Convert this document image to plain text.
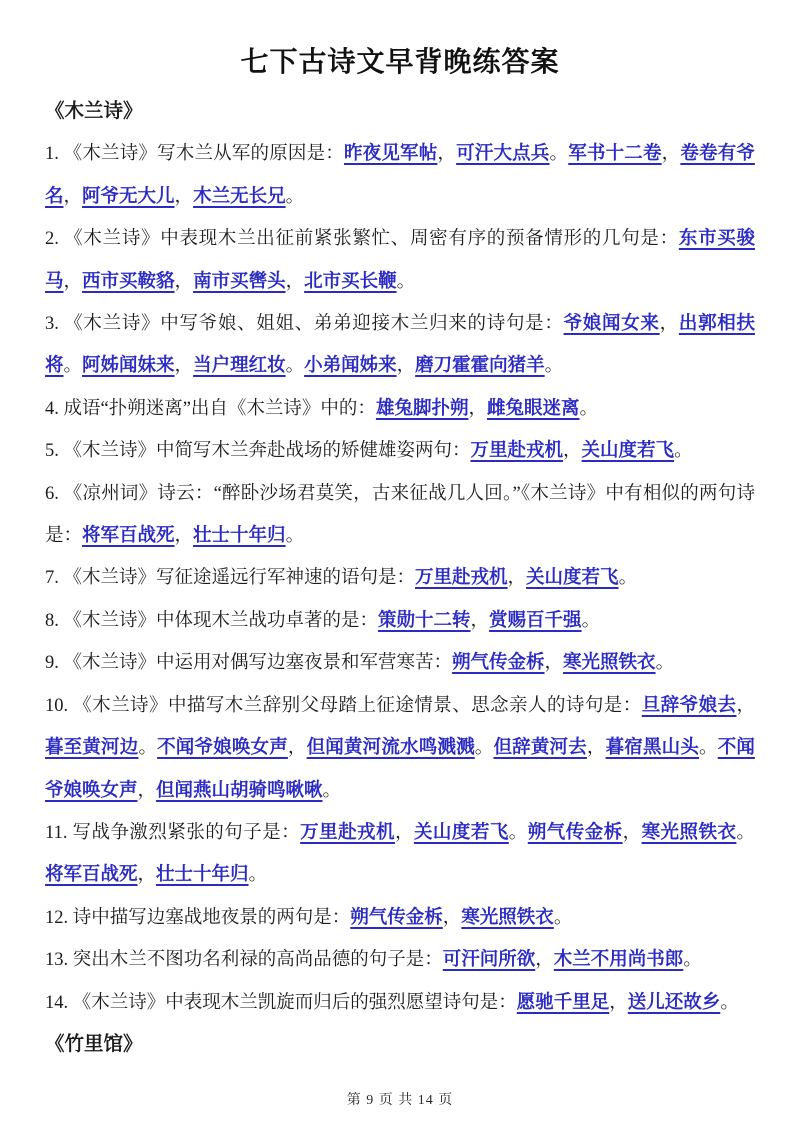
七下古诗文早背晚练答案

《木兰诗》

1. 《木兰诗》写木兰从军的原因是：昨夜见军帖，可汗大点兵。军书十二卷，卷卷有爷名，阿爷无大儿，木兰无长兄。

2. 《木兰诗》中表现木兰出征前紧张繁忙、周密有序的预备情形的几句是：东市买骏马，西市买鞍貉，南市买辔头，北市买长鞭。

3. 《木兰诗》中写爷娘、姐姐、弟弟迎接木兰归来的诗句是：爷娘闻女来，出郭相扶将。阿姊闻妹来，当户理红妆。小弟闻姊来，磨刀霍霍向猪羊。

4. 成语“扑朔迷离”出自《木兰诗》中的：雄兔脚扑朔，雌兔眼迷离。

5. 《木兰诗》中简写木兰奔赴战场的矫健雄姿两句：万里赴戎机，关山度若飞。

6. 《凉州词》诗云：“醉卧沙场君莫笑，古来征战几人回。”《木兰诗》中有相似的两句诗是：将军百战死，壮士十年归。

7. 《木兰诗》写征途遥远行军神速的语句是：万里赴戎机，关山度若飞。

8. 《木兰诗》中体现木兰战功卓著的是：策勋十二转，赏赐百千强。

9. 《木兰诗》中运用对偶写边塞夜景和军营寒苦：朔气传金柝，寒光照铁衣。

10. 《木兰诗》中描写木兰辞别父母踏上征途情景、思念亲人的诗句是：旦辞爷娘去，暮至黄河边。不闻爷娘唤女声，但闻黄河流水鸣溅溅。但辞黄河去，暮宿黑山头。不闻爷娘唤女声，但闻燕山胡骑鸣啾啾。

11. 写战争激烈紧张的句子是：万里赴戎机，关山度若飞。朔气传金柝，寒光照铁衣。将军百战死，壮士十年归。

12. 诗中描写边塞战地夜景的两句是：朔气传金柝，寒光照铁衣。

13. 突出木兰不图功名利禄的高尚品德的句子是：可汗问所欲，木兰不用尚书郎。

14. 《木兰诗》中表现木兰凯旋而归后的强烈愿望诗句是：愿驰千里足，送儿还故乡。

《竹里馆》

第 9 页 共 14 页
